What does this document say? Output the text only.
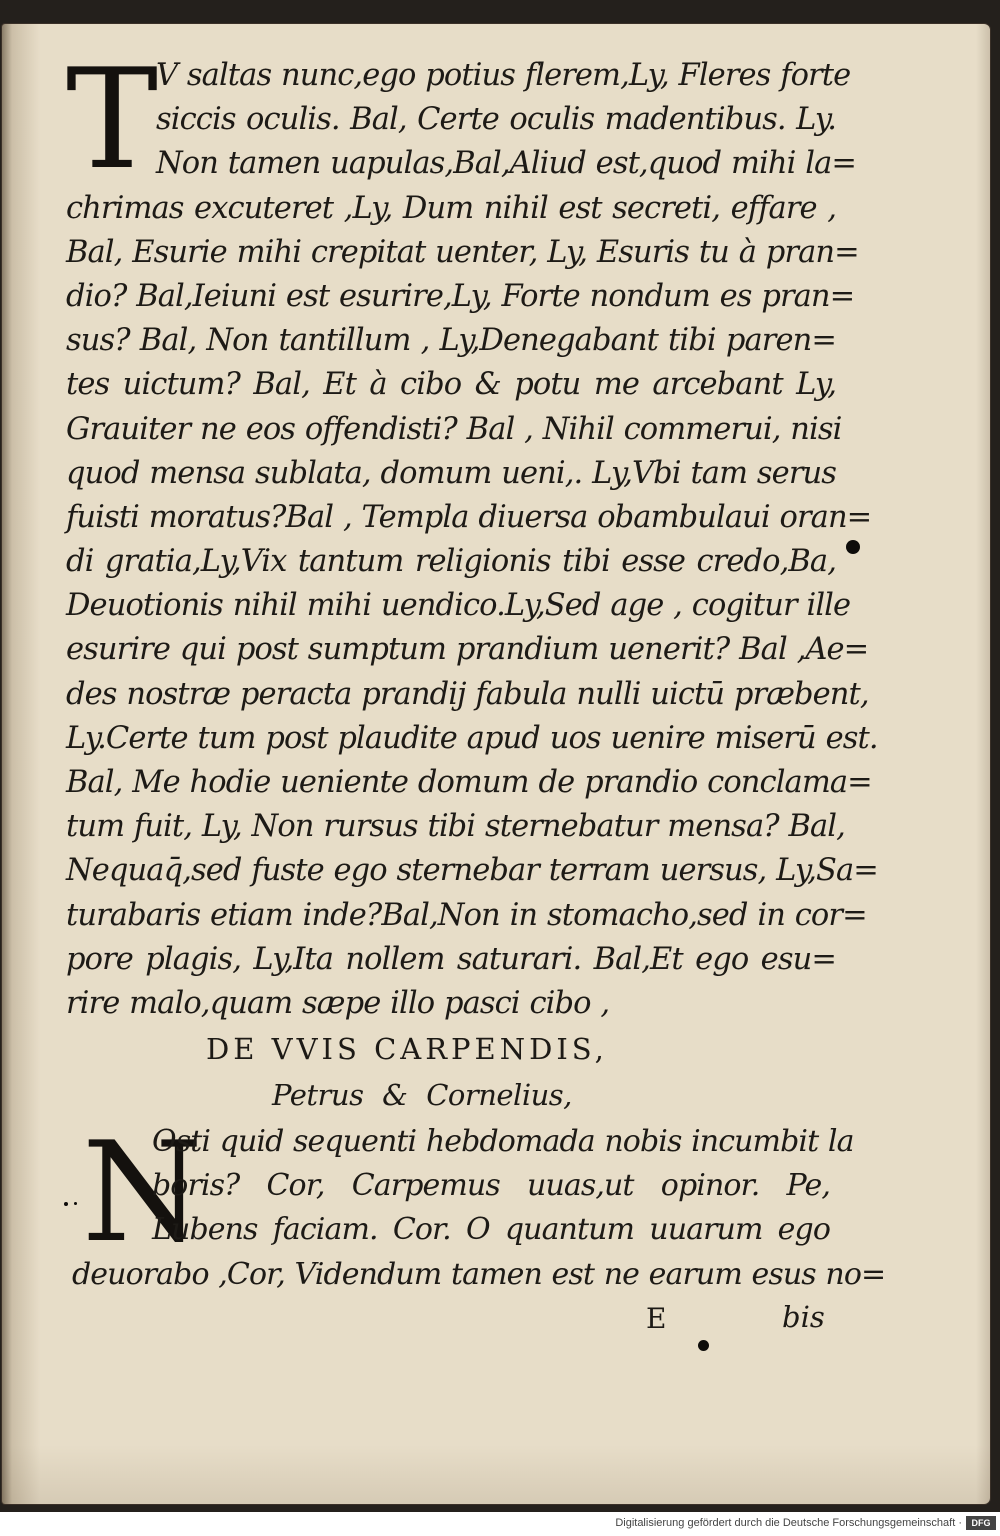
T
V saltas nunc,ego potius flerem,Ly, Fleres forte
siccis oculis. Bal, Certe oculis madentibus. Ly.
Non tamen uapulas,Bal,Aliud est,quod mihi la=
chrimas excuteret ,Ly, Dum nihil est secreti, effare ,
Bal, Esurie mihi crepitat uenter, Ly, Esuris tu à pran=
dio? Bal,Ieiuni est esurire,Ly, Forte nondum es pran=
sus? Bal, Non tantillum , Ly,Denegabant tibi paren=
tes uictum? Bal, Et à cibo & potu me arcebant Ly,
Grauiter ne eos offendisti? Bal , Nihil commerui, nisi
quod mensa sublata, domum ueni,. Ly,Vbi tam serus
fuisti moratus?Bal , Templa diuersa obambulaui oran=
di gratia,Ly,Vix tantum religionis tibi esse credo,Ba,
Deuotionis nihil mihi uendico.Ly,Sed age , cogitur ille
esurire qui post sumptum prandium uenerit? Bal ,Ae=
des nostræ peracta prandij fabula nulli uictū præbent,
Ly.Certe tum post plaudite apud uos uenire miserū est.
Bal, Me hodie ueniente domum de prandio conclama=
tum fuit, Ly, Non rursus tibi sternebatur mensa? Bal,
Nequaq̄,sed fuste ego sternebar terram uersus, Ly,Sa=
turabaris etiam inde?Bal,Non in stomacho,sed in cor=
pore plagis, Ly,Ita nollem saturari. Bal,Et ego esu=
rire malo,quam sæpe illo pasci cibo ,
DE VVIS CARPENDIS,
Petrus & Cornelius,
N
Osti quid sequenti hebdomada nobis incumbit la
boris? Cor, Carpemus uuas,ut opinor. Pe,
Lubens faciam. Cor. O quantum uuarum ego
deuorabo ,Cor, Videndum tamen est ne earum esus no=
E	bis
Digitalisierung gefördert durch die Deutsche Forschungsgemeinschaft ·	DFG
